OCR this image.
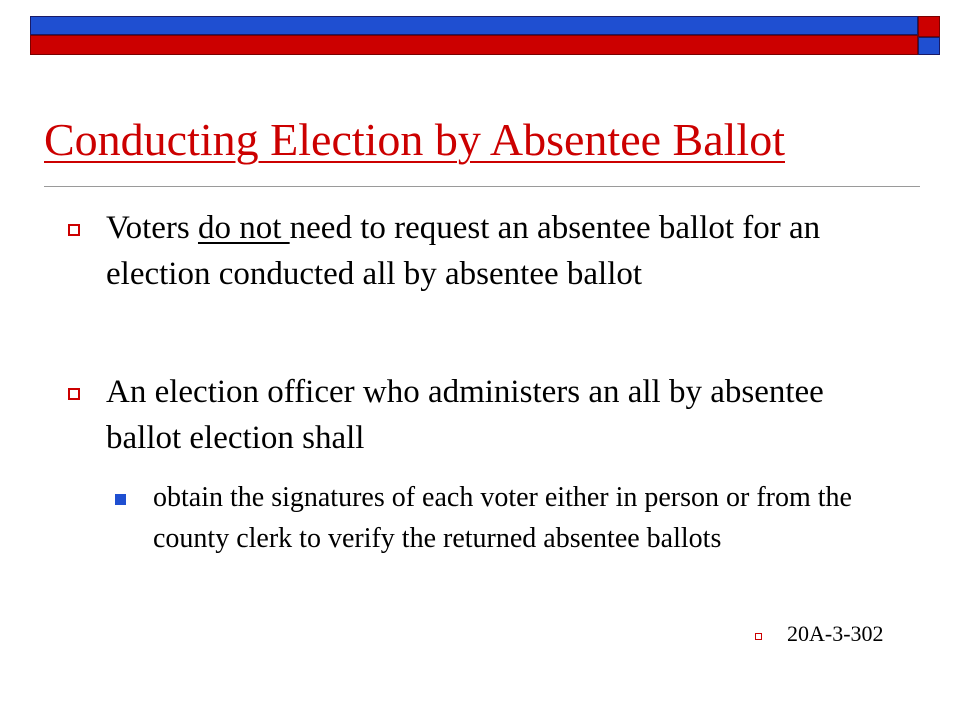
Conducting Election by Absentee Ballot
Voters do not need to request an absentee ballot for an election conducted all by absentee ballot
An election officer who administers an all by absentee ballot election shall
obtain the signatures of each voter either in person or from the county clerk to verify the returned absentee ballots
20A-3-302
